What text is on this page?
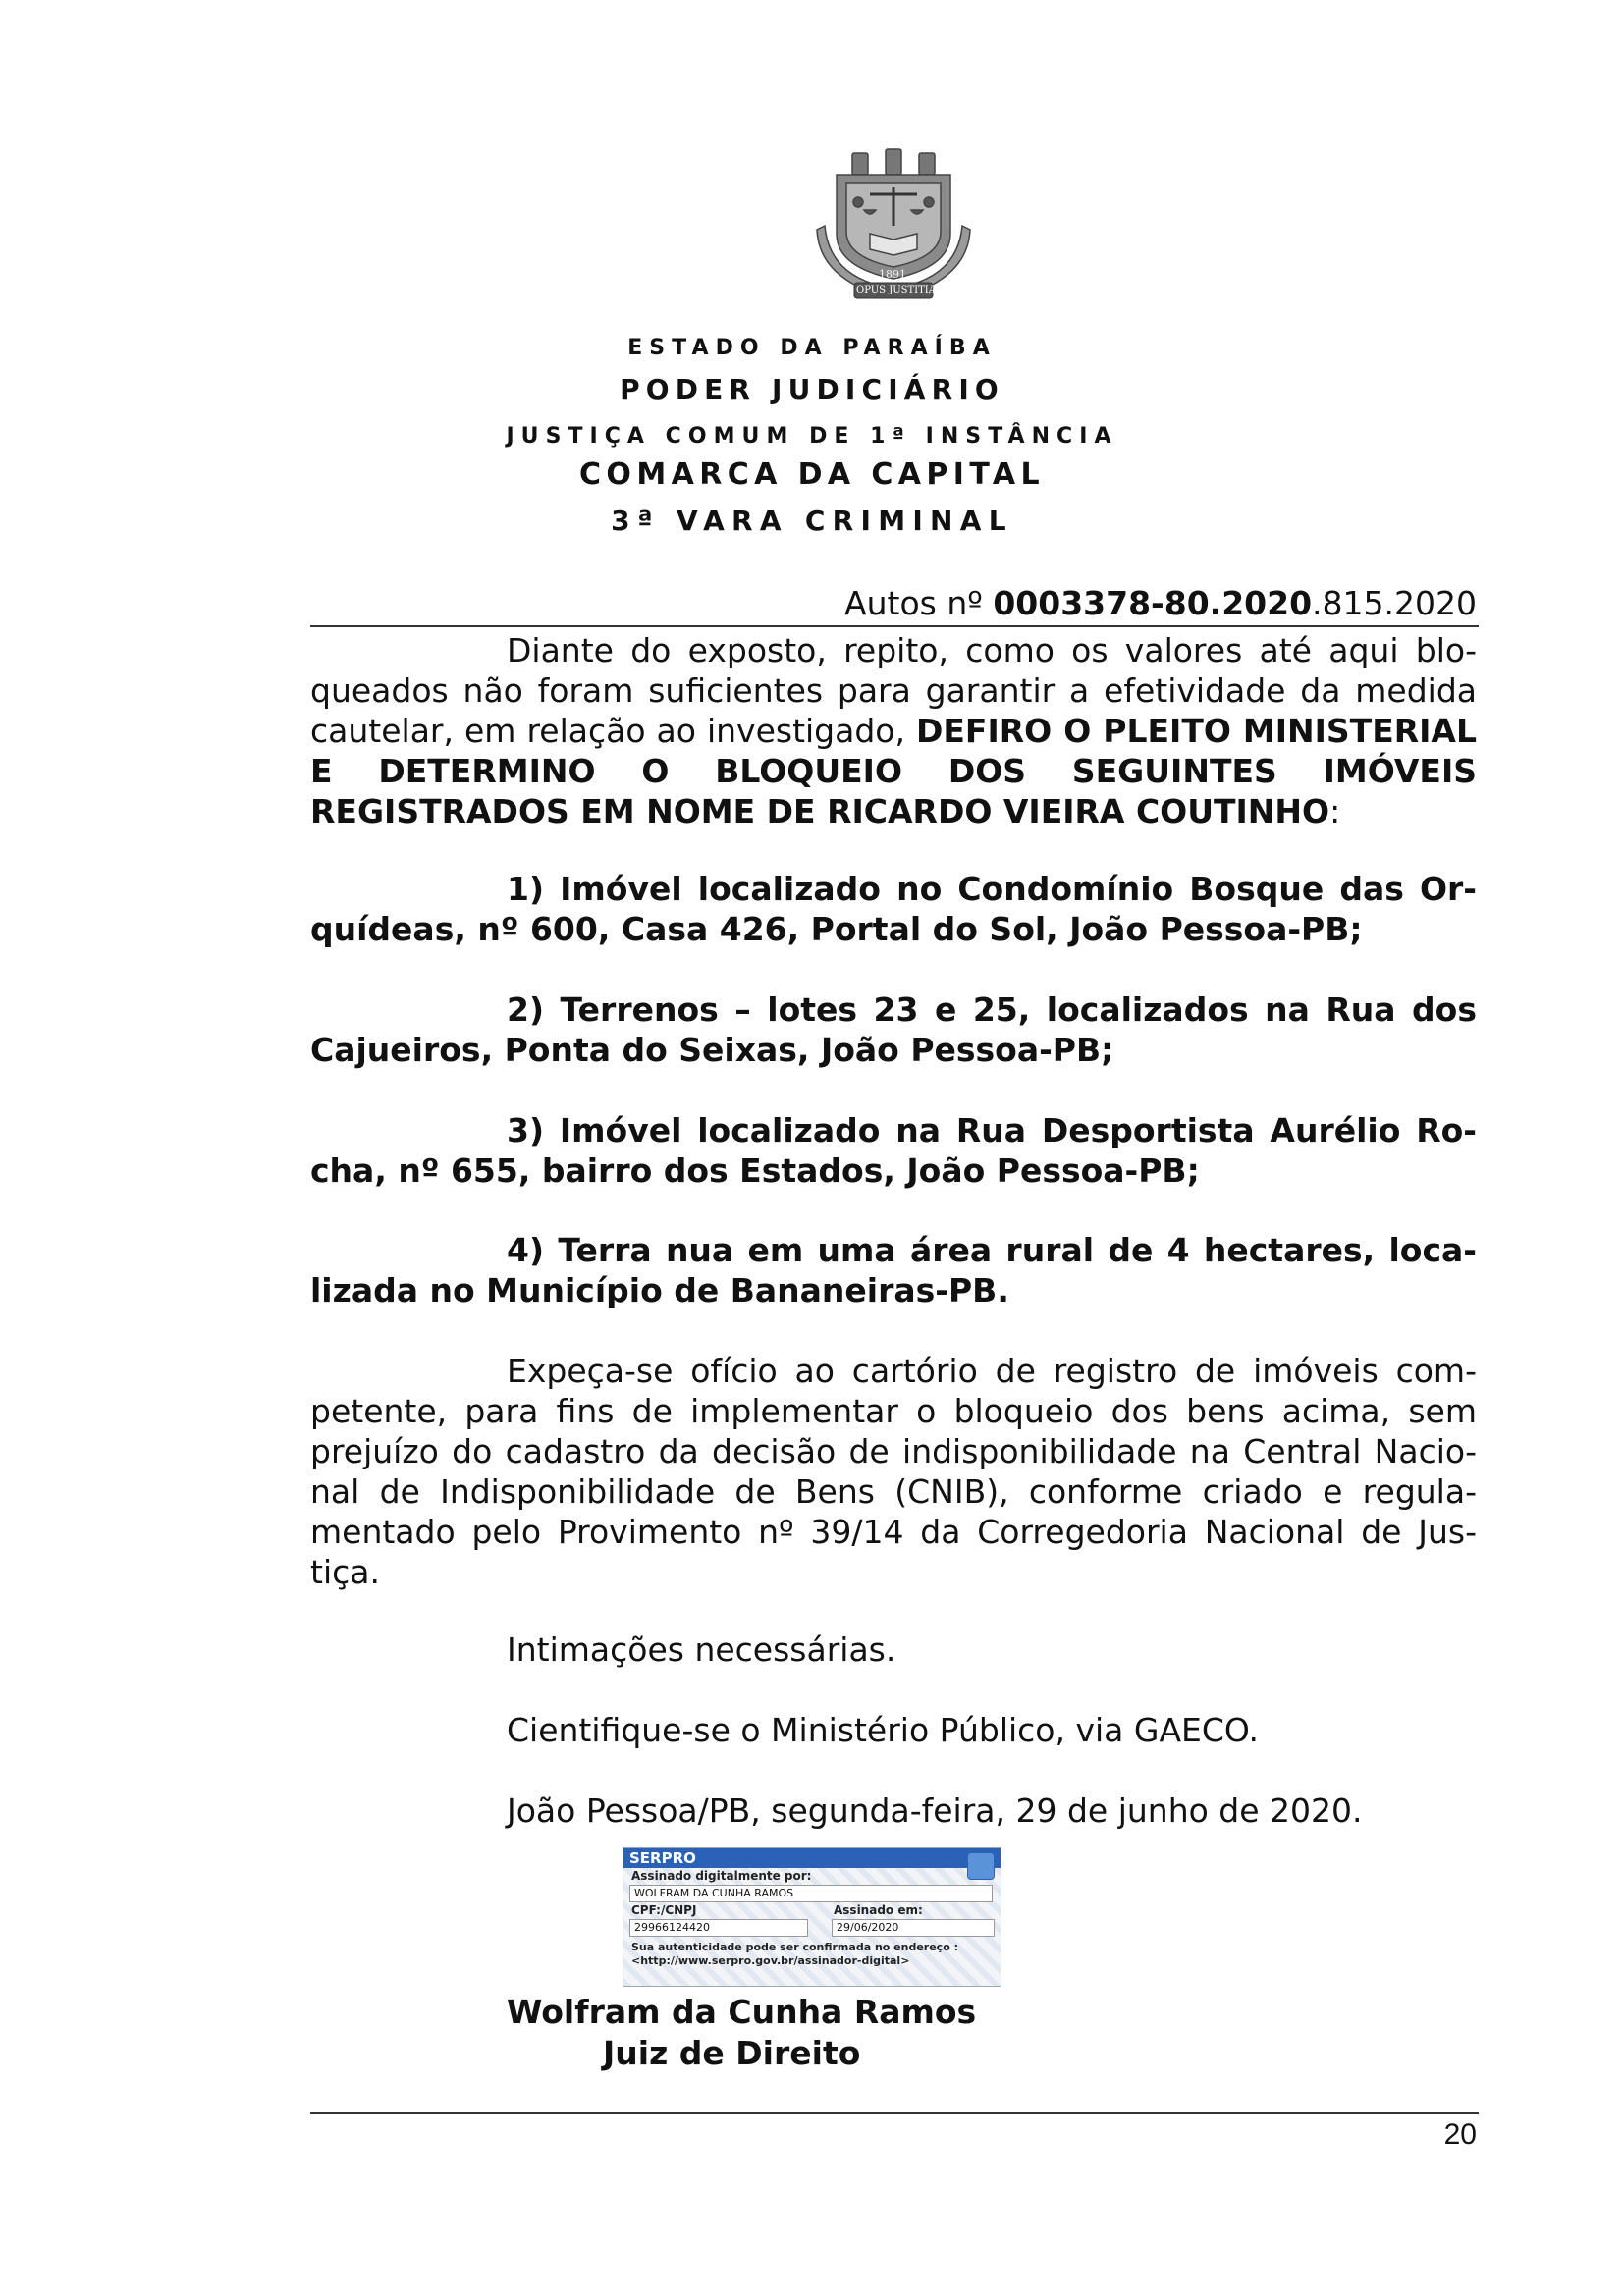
1891
OPUS JUSTITIÆ PAX
ESTADO DA PARAÍBA
PODER JUDICIÁRIO
JUSTIÇA COMUM DE 1ª INSTÂNCIA
COMARCA DA CAPITAL
3ª VARA CRIMINAL
Autos nº 0003378-80.2020.815.2020

Diante do exposto, repito, como os valores até aqui bloqueados não foram suficientes para garantir a efetividade da medida cautelar, em relação ao investigado, DEFIRO O PLEITO MINISTERIAL E DETERMINO O BLOQUEIO DOS SEGUINTES IMÓVEIS REGISTRADOS EM NOME DE RICARDO VIEIRA COUTINHO:

1) Imóvel localizado no Condomínio Bosque das Orquídeas, nº 600, Casa 426, Portal do Sol, João Pessoa-PB;

2) Terrenos – lotes 23 e 25, localizados na Rua dos Cajueiros, Ponta do Seixas, João Pessoa-PB;

3) Imóvel localizado na Rua Desportista Aurélio Rocha, nº 655, bairro dos Estados, João Pessoa-PB;

4) Terra nua em uma área rural de 4 hectares, localizada no Município de Bananeiras-PB.

Expeça-se ofício ao cartório de registro de imóveis competente, para fins de implementar o bloqueio dos bens acima, sem prejuízo do cadastro da decisão de indisponibilidade na Central Nacional de Indisponibilidade de Bens (CNIB), conforme criado e regulamentado pelo Provimento nº 39/14 da Corregedoria Nacional de Justiça.

Intimações necessárias.
Cientifique-se o Ministério Público, via GAECO.
João Pessoa/PB, segunda-feira, 29 de junho de 2020.
SERPRO
Assinado digitalmente por:
WOLFRAM DA CUNHA RAMOS
CPF:/CNPJ	Assinado em:
29966124420	29/06/2020
Sua autenticidade pode ser confirmada no endereço :
<http://www.serpro.gov.br/assinador-digital>
Wolfram da Cunha Ramos
Juiz de Direito
20
